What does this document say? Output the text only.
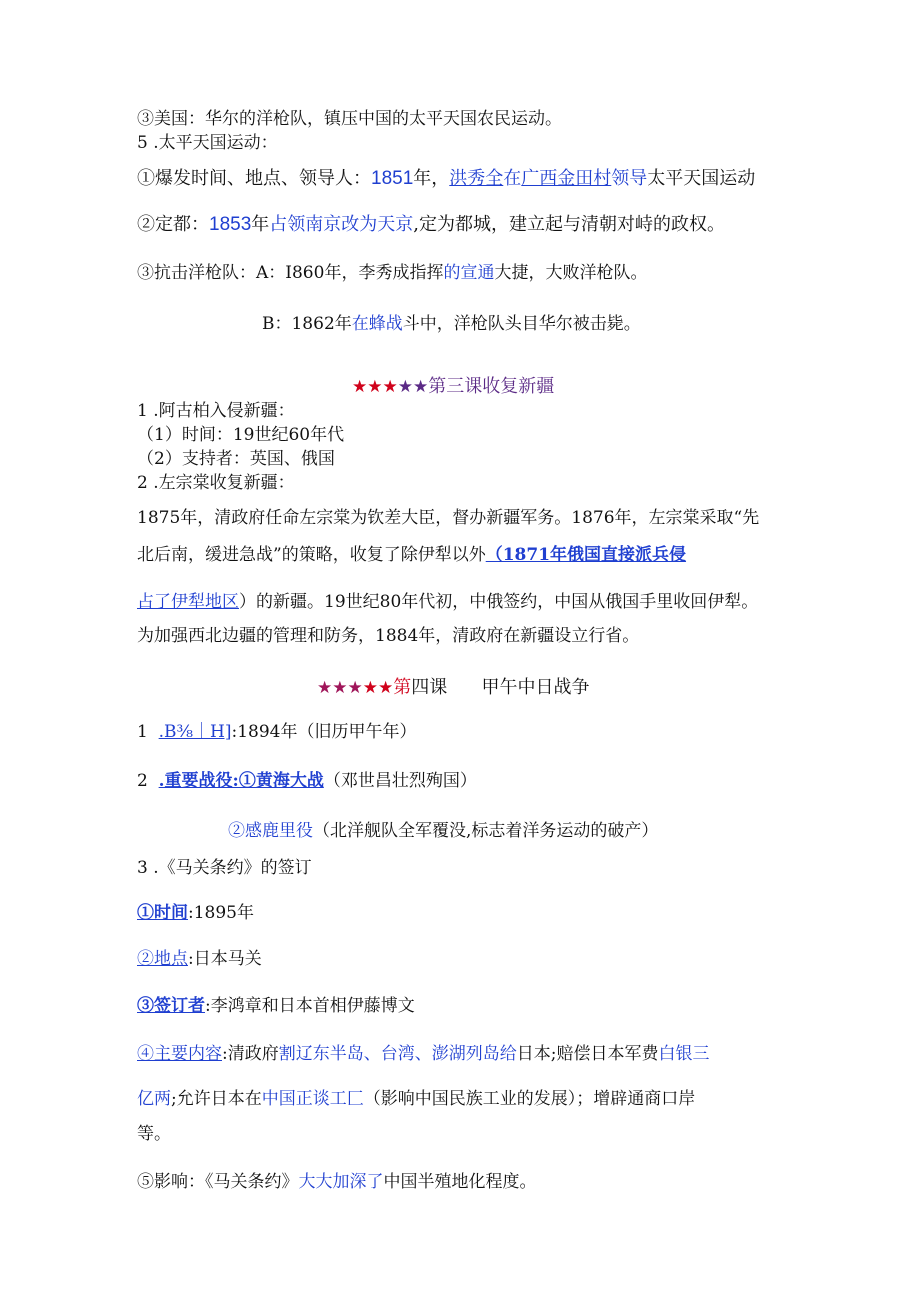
③美国：华尔的洋枪队，镇压中国的太平天国农民运动。
5 .太平天国运动：
①爆发时间、地点、领导人：1851年，洪秀全在广西金田村领导太平天国运动
②定都：1853年占领南京改为天京,定为都城，建立起与清朝对峙的政权。
③抗击洋枪队：A：I860年，李秀成指挥的宣通大捷，大败洋枪队。
B：1862年在蜂战斗中，洋枪队头目华尔被击毙。
★★★★★第三课收复新疆
1 .阿古柏入侵新疆：
（1）时间：19世纪60年代
（2）支持者：英国、俄国
2 .左宗棠收复新疆：
1875年，清政府任命左宗棠为钦差大臣，督办新疆军务。1876年，左宗棠采取“先
北后南，缓进急战”的策略，收复了除伊犁以外（1871年俄国直接派兵侵
占了伊犁地区）的新疆。19世纪80年代初，中俄签约，中国从俄国手里收回伊犁。
为加强西北边疆的管理和防务，1884年，清政府在新疆设立行省。
★★★★★第四课      甲午中日战争
1  .B⅜｜H]:1894年（旧历甲午年）
2  .重要战役:①黄海大战（邓世昌壮烈殉国）
②感鹿里役（北洋舰队全军覆没,标志着洋务运动的破产）
3 .《马关条约》的签订
①时间:1895年
②地点:日本马关
③签订者:李鸿章和日本首相伊藤博文
④主要内容:清政府割辽东半岛、台湾、澎湖列岛给日本;赔偿日本军费白银三
亿两;允许日本在中国正谈工匚（影响中国民族工业的发展）；增辟通商口岸
等。
⑤影响：《马关条约》大大加深了中国半殖地化程度。
